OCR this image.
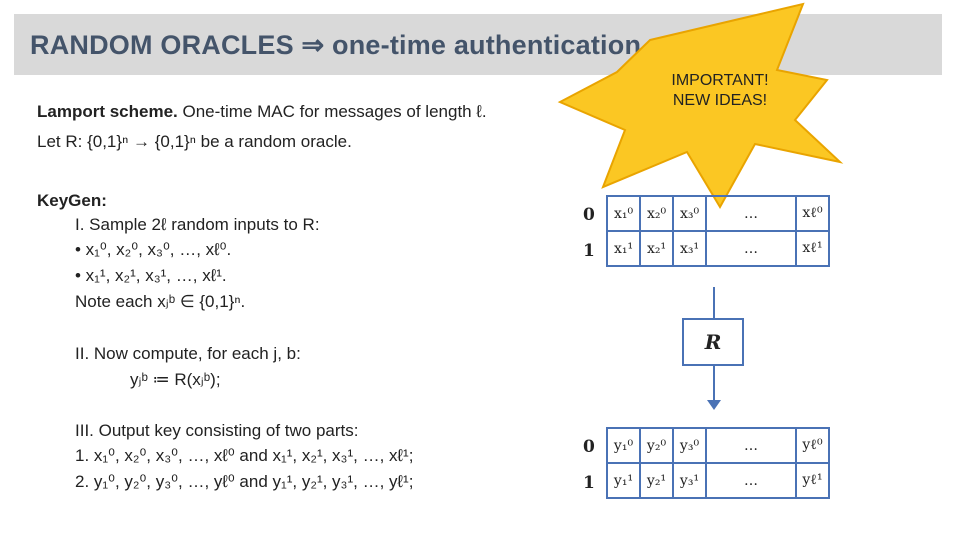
RANDOM ORACLES ⇒ one-time authentication
Lamport scheme. One-time MAC for messages of length ℓ.
Let R: {0,1}ⁿ → {0,1}ⁿ be a random oracle.
KeyGen:
I. Sample 2ℓ random inputs to R:
• x₁⁰, x₂⁰, x₃⁰, …, xℓ⁰.
• x₁¹, x₂¹, x₃¹, …, xℓ¹.
Note each xⱼᵇ ∈ {0,1}ⁿ.
II. Now compute, for each j, b:
yⱼᵇ ≔ R(xⱼᵇ);
III. Output key consisting of two parts:
1. x₁⁰, x₂⁰, x₃⁰, …, xℓ⁰ and x₁¹, x₂¹, x₃¹, …, xℓ¹;
2. y₁⁰, y₂⁰, y₃⁰, …, yℓ⁰ and y₁¹, y₂¹, y₃¹, …, yℓ¹;
IMPORTANT!
NEW IDEAS!
0
1
x₁⁰	x₂⁰	x₃⁰	…	xℓ⁰
x₁¹	x₂¹	x₃¹	…	xℓ¹
R
0
1
y₁⁰	y₂⁰	y₃⁰	…	yℓ⁰
y₁¹	y₂¹	y₃¹	…	yℓ¹
